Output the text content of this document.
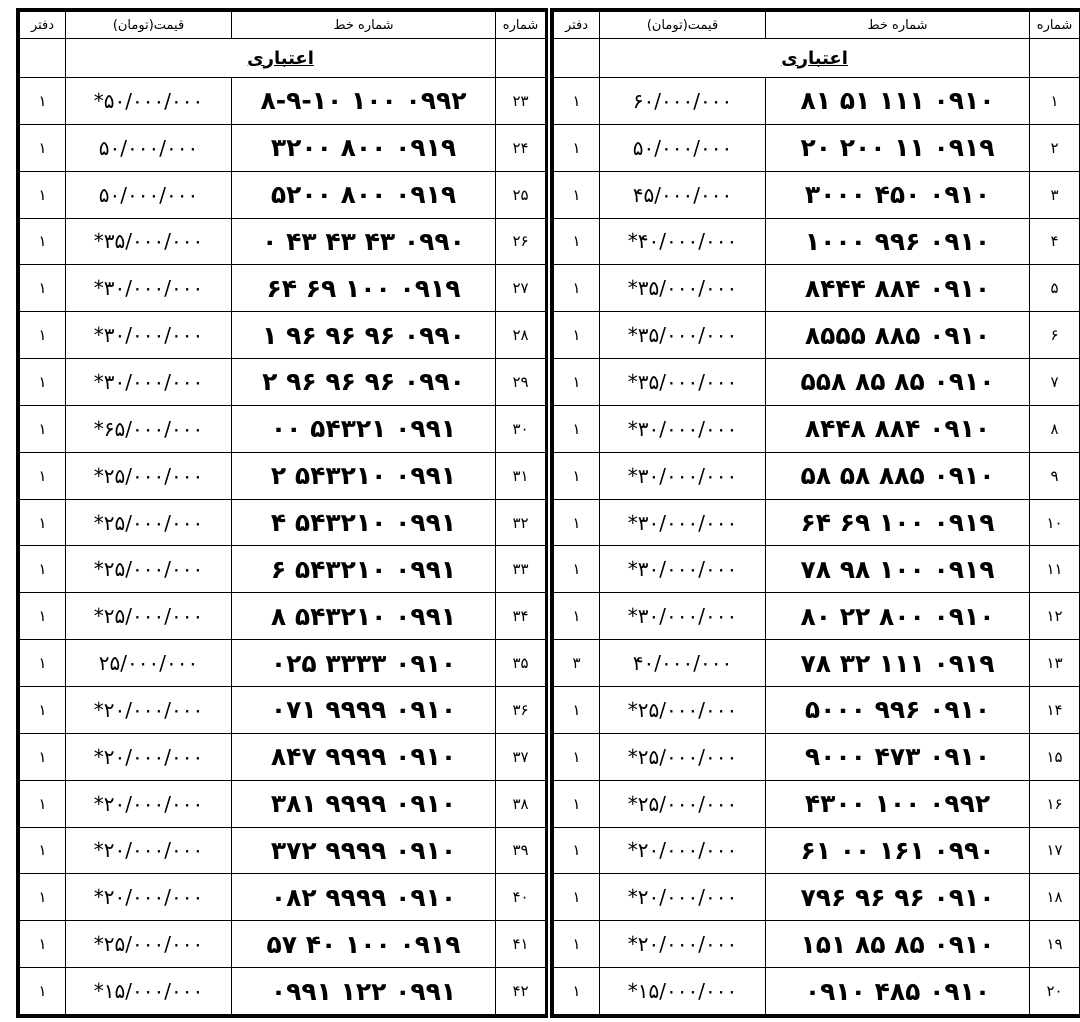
شماره	شماره خط	قیمت(تومان)	دفتر
	اعتباری		
۱	۰۹۱۰ ۱۱۱ ۵۱ ۸۱	۶۰/۰۰۰/۰۰۰	۱
۲	۰۹۱۹ ۱۱ ۲۰۰ ۲۰	۵۰/۰۰۰/۰۰۰	۱
۳	۰۹۱۰ ۴۵۰ ۳۰۰۰	۴۵/۰۰۰/۰۰۰	۱
۴	۰۹۱۰ ۹۹۶ ۱۰۰۰	۴۰/۰۰۰/۰۰۰*	۱
۵	۰۹۱۰ ۸۸۴ ۸۴۴۴	۳۵/۰۰۰/۰۰۰*	۱
۶	۰۹۱۰ ۸۸۵ ۸۵۵۵	۳۵/۰۰۰/۰۰۰*	۱
۷	۰۹۱۰ ۸۵ ۸۵ ۵۵۸	۳۵/۰۰۰/۰۰۰*	۱
۸	۰۹۱۰ ۸۸۴ ۸۴۴۸	۳۰/۰۰۰/۰۰۰*	۱
۹	۰۹۱۰ ۸۸۵ ۵۸ ۵۸	۳۰/۰۰۰/۰۰۰*	۱
۱۰	۰۹۱۹ ۱۰۰ ۶۹ ۶۴	۳۰/۰۰۰/۰۰۰*	۱
۱۱	۰۹۱۹ ۱۰۰ ۹۸ ۷۸	۳۰/۰۰۰/۰۰۰*	۱
۱۲	۰۹۱۰ ۸۰۰ ۲۲ ۸۰	۳۰/۰۰۰/۰۰۰*	۱
۱۳	۰۹۱۹ ۱۱۱ ۳۲ ۷۸	۴۰/۰۰۰/۰۰۰	۳
۱۴	۰۹۱۰ ۹۹۶ ۵۰۰۰	۲۵/۰۰۰/۰۰۰*	۱
۱۵	۰۹۱۰ ۴۷۳ ۹۰۰۰	۲۵/۰۰۰/۰۰۰*	۱
۱۶	۰۹۹۲ ۱۰۰ ۴۳۰۰	۲۵/۰۰۰/۰۰۰*	۱
۱۷	۰۹۹۰ ۱۶۱ ۰۰ ۶۱	۲۰/۰۰۰/۰۰۰*	۱
۱۸	۰۹۱۰ ۹۶ ۹۶ ۷۹۶	۲۰/۰۰۰/۰۰۰*	۱
۱۹	۰۹۱۰ ۸۵ ۸۵ ۱۵۱	۲۰/۰۰۰/۰۰۰*	۱
۲۰	۰۹۱۰ ۴۸۵ ۰۹۱۰	۱۵/۰۰۰/۰۰۰*	۱
شماره	شماره خط	قیمت(تومان)	دفتر
	اعتباری		
۲۳	۰۹۹۲ ۱۰۰ ۸-۹-۱۰	۵۰/۰۰۰/۰۰۰*	۱
۲۴	۰۹۱۹ ۸۰۰ ۳۲۰۰	۵۰/۰۰۰/۰۰۰	۱
۲۵	۰۹۱۹ ۸۰۰ ۵۲۰۰	۵۰/۰۰۰/۰۰۰	۱
۲۶	۰۹۹۰ ۴۳ ۴۳ ۴۳ ۰	۳۵/۰۰۰/۰۰۰*	۱
۲۷	۰۹۱۹ ۱۰۰ ۶۹ ۶۴	۳۰/۰۰۰/۰۰۰*	۱
۲۸	۰۹۹۰ ۹۶ ۹۶ ۹۶ ۱	۳۰/۰۰۰/۰۰۰*	۱
۲۹	۰۹۹۰ ۹۶ ۹۶ ۹۶ ۲	۳۰/۰۰۰/۰۰۰*	۱
۳۰	۰۹۹۱ ۵۴۳۲۱ ۰۰	۶۵/۰۰۰/۰۰۰*	۱
۳۱	۰۹۹۱ ۵۴۳۲۱۰ ۲	۲۵/۰۰۰/۰۰۰*	۱
۳۲	۰۹۹۱ ۵۴۳۲۱۰ ۴	۲۵/۰۰۰/۰۰۰*	۱
۳۳	۰۹۹۱ ۵۴۳۲۱۰ ۶	۲۵/۰۰۰/۰۰۰*	۱
۳۴	۰۹۹۱ ۵۴۳۲۱۰ ۸	۲۵/۰۰۰/۰۰۰*	۱
۳۵	۰۹۱۰ ۳۳۳۳ ۰۲۵	۲۵/۰۰۰/۰۰۰	۱
۳۶	۰۹۱۰ ۹۹۹۹ ۰۷۱	۲۰/۰۰۰/۰۰۰*	۱
۳۷	۰۹۱۰ ۹۹۹۹ ۸۴۷	۲۰/۰۰۰/۰۰۰*	۱
۳۸	۰۹۱۰ ۹۹۹۹ ۳۸۱	۲۰/۰۰۰/۰۰۰*	۱
۳۹	۰۹۱۰ ۹۹۹۹ ۳۷۲	۲۰/۰۰۰/۰۰۰*	۱
۴۰	۰۹۱۰ ۹۹۹۹ ۰۸۲	۲۰/۰۰۰/۰۰۰*	۱
۴۱	۰۹۱۹ ۱۰۰ ۴۰ ۵۷	۲۵/۰۰۰/۰۰۰*	۱
۴۲	۰۹۹۱ ۱۲۲ ۰۹۹۱	۱۵/۰۰۰/۰۰۰*	۱
